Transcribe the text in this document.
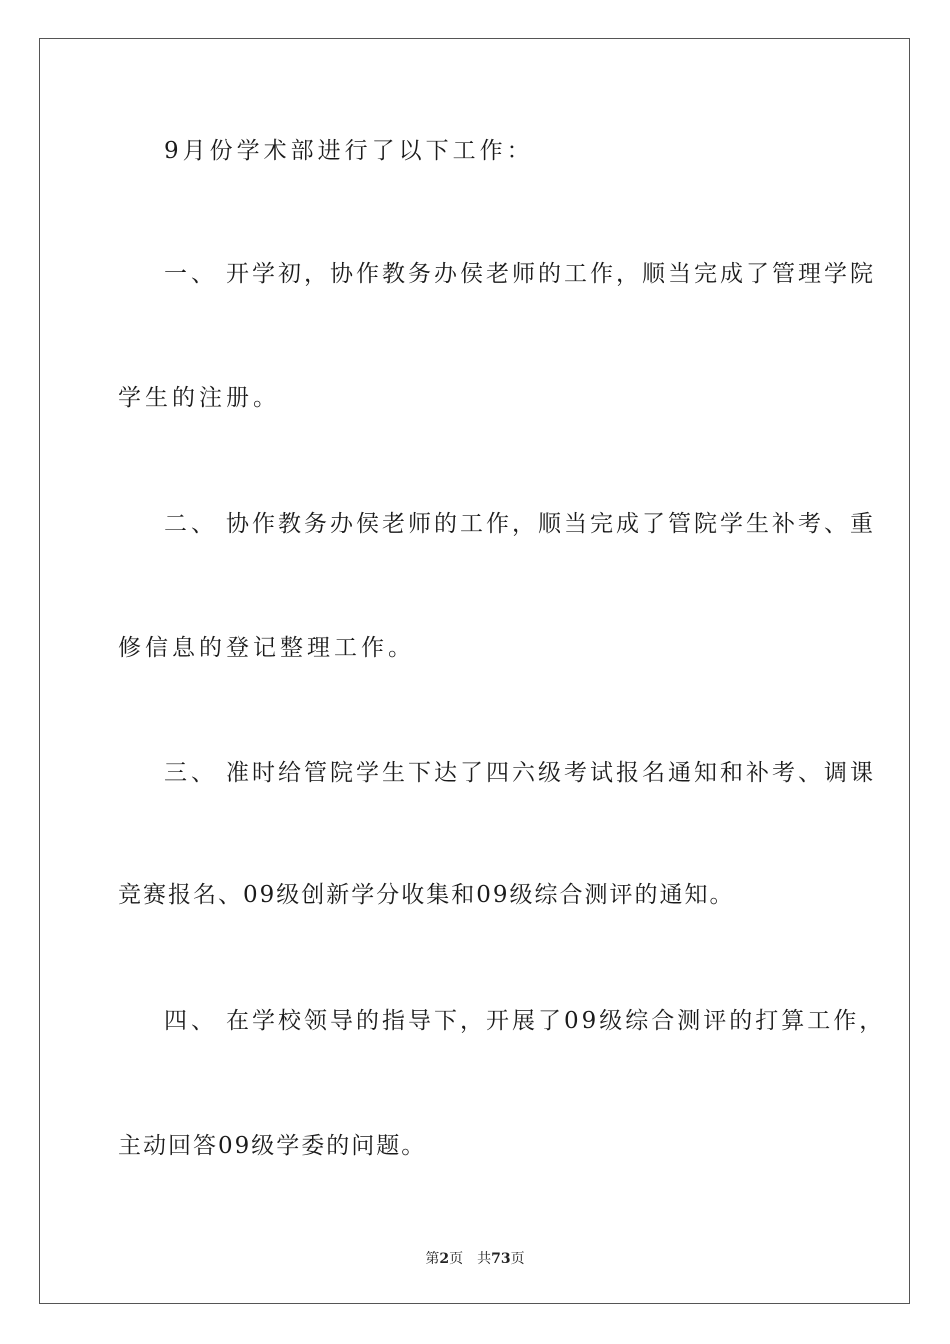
9月份学术部进行了以下工作：
一、 开学初，协作教务办侯老师的工作，顺当完成了管理学院
学生的注册。
二、 协作教务办侯老师的工作，顺当完成了管院学生补考、重
修信息的登记整理工作。
三、 准时给管院学生下达了四六级考试报名通知和补考、调课
竞赛报名、09级创新学分收集和09级综合测评的通知。
四、 在学校领导的指导下，开展了09级综合测评的打算工作，
主动回答09级学委的问题。
第2页 共73页
